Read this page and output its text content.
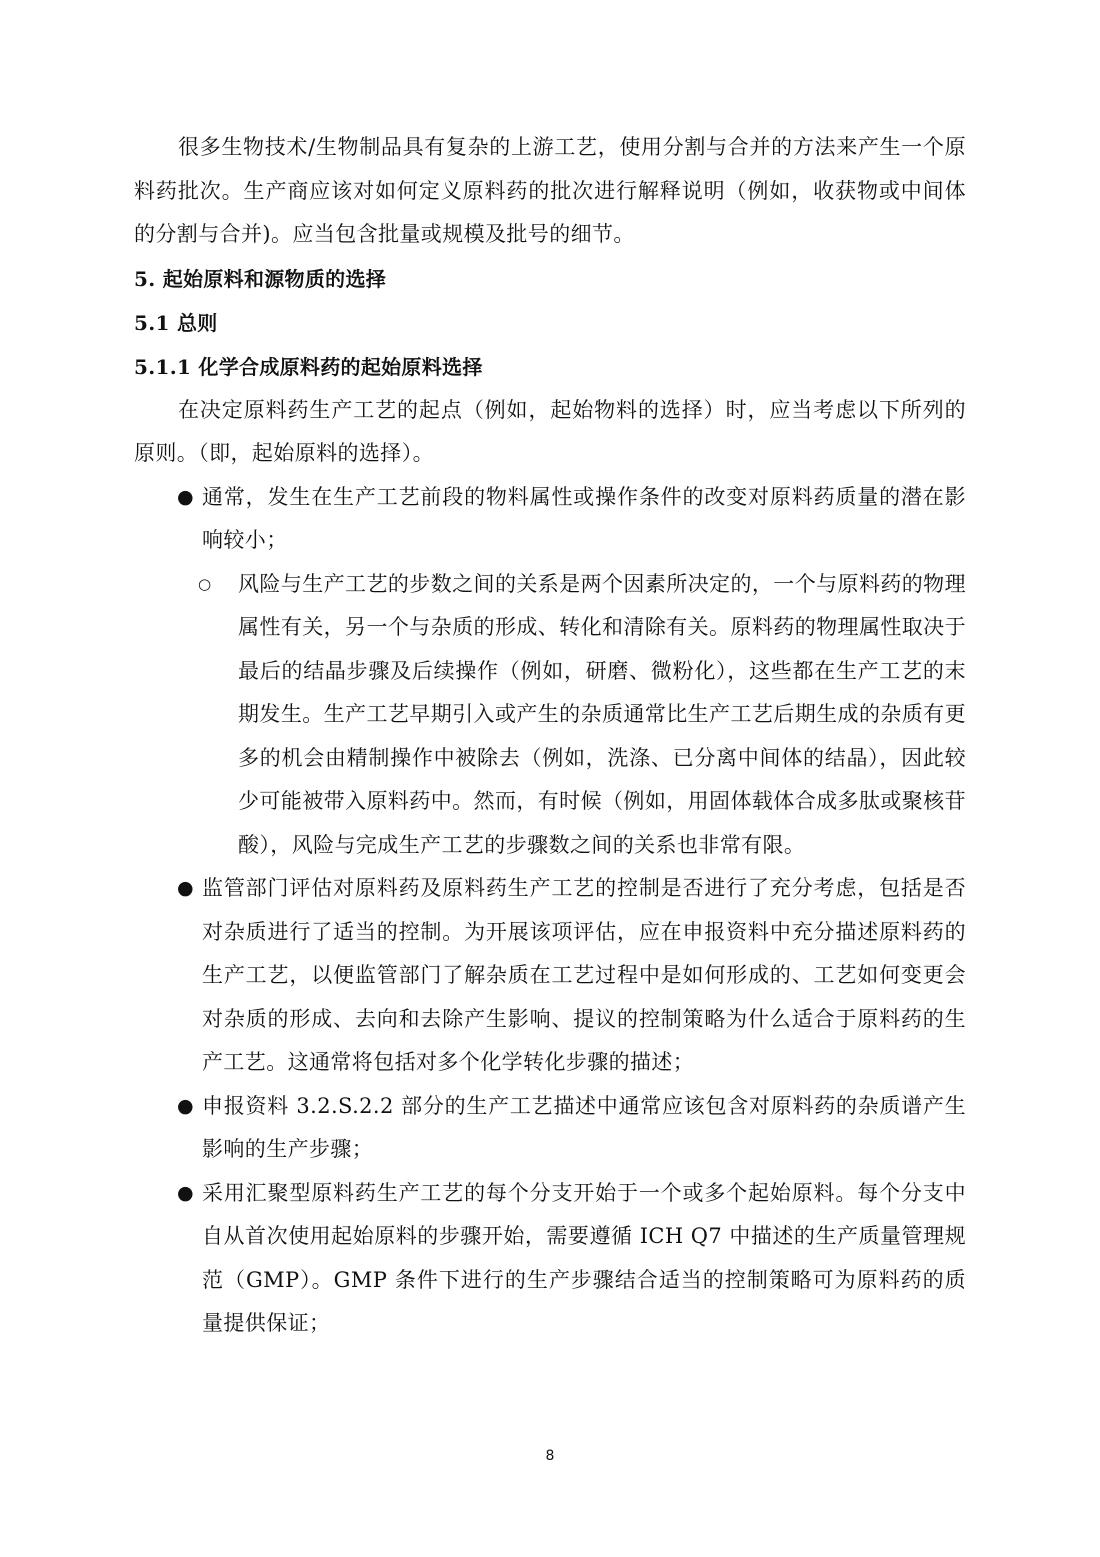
很多生物技术/生物制品具有复杂的上游工艺，使用分割与合并的方法来产生一个原料药批次。生产商应该对如何定义原料药的批次进行解释说明（例如，收获物或中间体的分割与合并)。应当包含批量或规模及批号的细节。

5. 起始原料和源物质的选择
5.1 总则
5.1.1 化学合成原料药的起始原料选择

在决定原料药生产工艺的起点（例如，起始物料的选择）时，应当考虑以下所列的原则。（即，起始原料的选择）。

● 通常，发生在生产工艺前段的物料属性或操作条件的改变对原料药质量的潜在影响较小；

○ 风险与生产工艺的步数之间的关系是两个因素所决定的，一个与原料药的物理属性有关，另一个与杂质的形成、转化和清除有关。原料药的物理属性取决于最后的结晶步骤及后续操作（例如，研磨、微粉化），这些都在生产工艺的末期发生。生产工艺早期引入或产生的杂质通常比生产工艺后期生成的杂质有更多的机会由精制操作中被除去（例如，洗涤、已分离中间体的结晶），因此较少可能被带入原料药中。然而，有时候（例如，用固体载体合成多肽或聚核苷酸），风险与完成生产工艺的步骤数之间的关系也非常有限。

● 监管部门评估对原料药及原料药生产工艺的控制是否进行了充分考虑，包括是否对杂质进行了适当的控制。为开展该项评估，应在申报资料中充分描述原料药的生产工艺，以便监管部门了解杂质在工艺过程中是如何形成的、工艺如何变更会对杂质的形成、去向和去除产生影响、提议的控制策略为什么适合于原料药的生产工艺。这通常将包括对多个化学转化步骤的描述；

● 申报资料 3.2.S.2.2 部分的生产工艺描述中通常应该包含对原料药的杂质谱产生影响的生产步骤；

● 采用汇聚型原料药生产工艺的每个分支开始于一个或多个起始原料。每个分支中自从首次使用起始原料的步骤开始，需要遵循 ICH Q7 中描述的生产质量管理规范（GMP）。GMP 条件下进行的生产步骤结合适当的控制策略可为原料药的质量提供保证；

8
